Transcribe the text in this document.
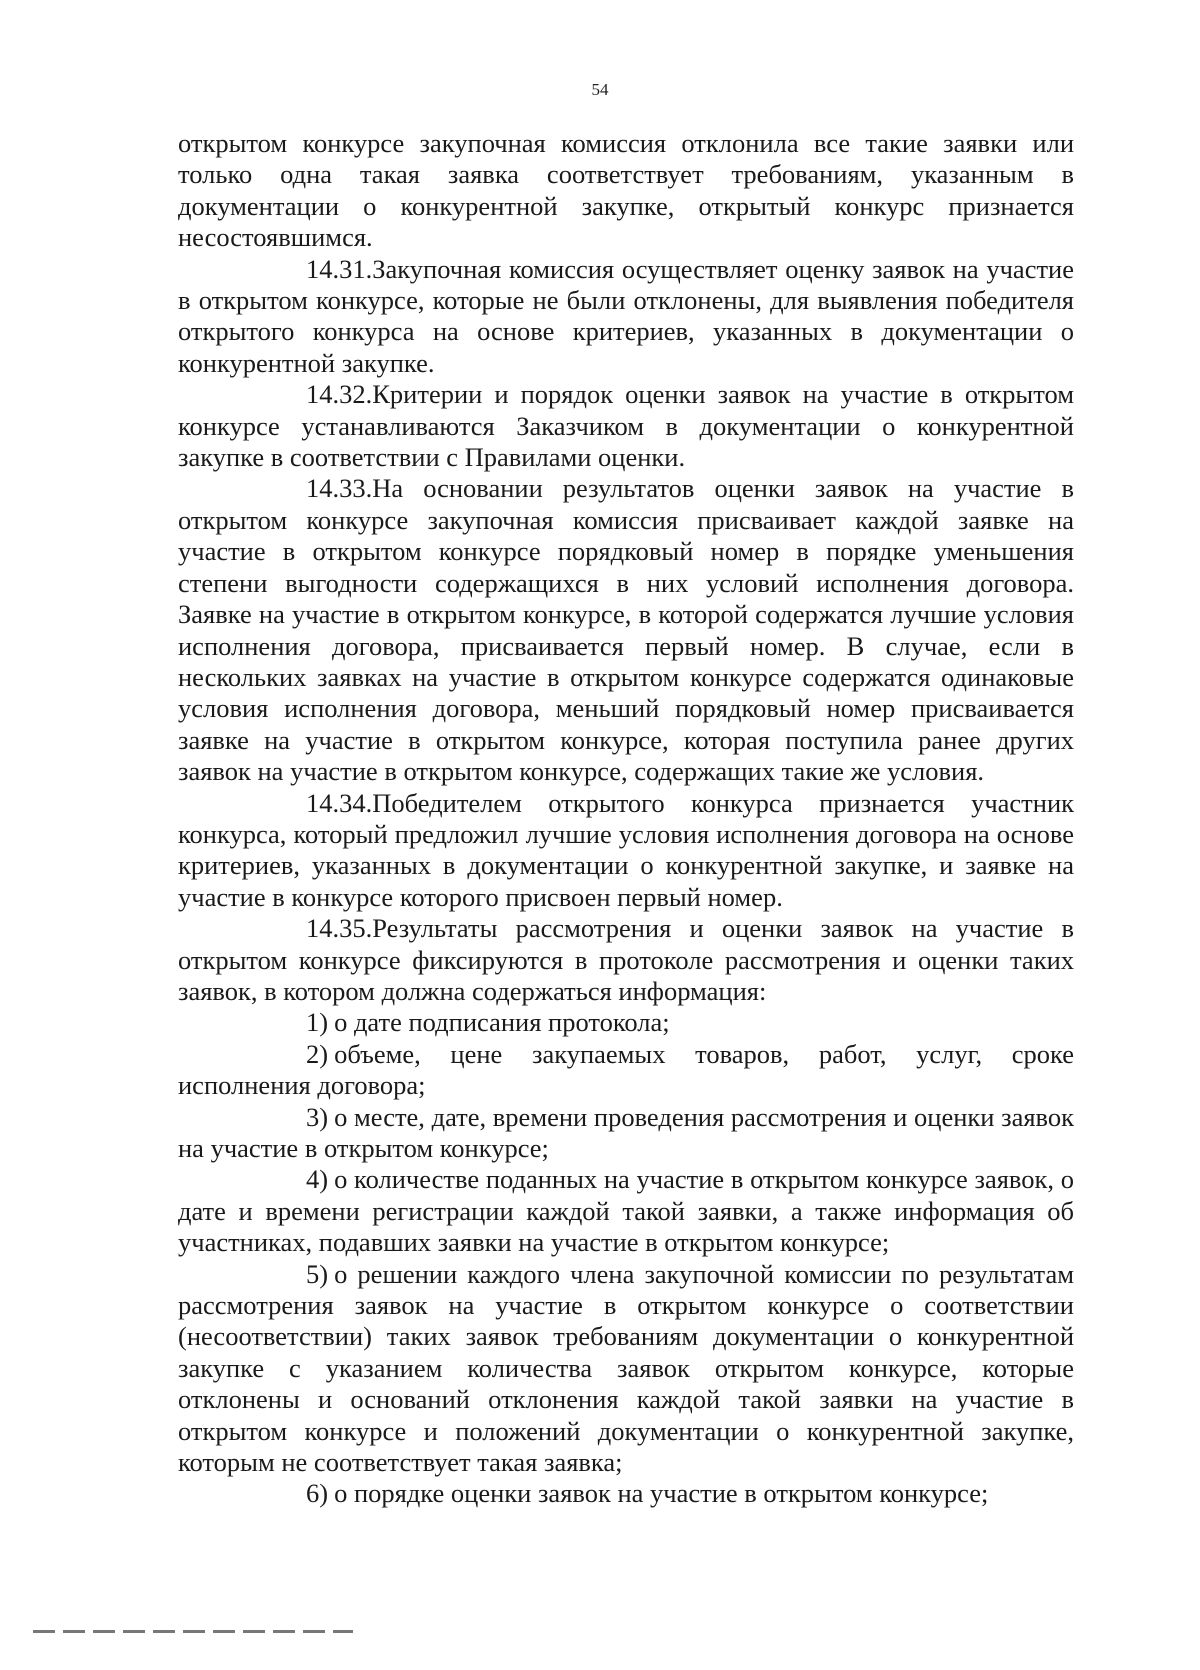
54

открытом конкурсе закупочная комиссия отклонила все такие заявки или только одна такая заявка соответствует требованиям, указанным в документации о конкурентной закупке, открытый конкурс признается несостоявшимся.

14.31.Закупочная комиссия осуществляет оценку заявок на участие в открытом конкурсе, которые не были отклонены, для выявления победителя открытого конкурса на основе критериев, указанных в документации о конкурентной закупке.

14.32.Критерии и порядок оценки заявок на участие в открытом конкурсе устанавливаются Заказчиком в документации о конкурентной закупке в соответствии с Правилами оценки.

14.33.На основании результатов оценки заявок на участие в открытом конкурсе закупочная комиссия присваивает каждой заявке на участие в открытом конкурсе порядковый номер в порядке уменьшения степени выгодности содержащихся в них условий исполнения договора. Заявке на участие в открытом конкурсе, в которой содержатся лучшие условия исполнения договора, присваивается первый номер. В случае, если в нескольких заявках на участие в открытом конкурсе содержатся одинаковые условия исполнения договора, меньший порядковый номер присваивается заявке на участие в открытом конкурсе, которая поступила ранее других заявок на участие в открытом конкурсе, содержащих такие же условия.

14.34.Победителем открытого конкурса признается участник конкурса, который предложил лучшие условия исполнения договора на основе критериев, указанных в документации о конкурентной закупке, и заявке на участие в конкурсе которого присвоен первый номер.

14.35.Результаты рассмотрения и оценки заявок на участие в открытом конкурсе фиксируются в протоколе рассмотрения и оценки таких заявок, в котором должна содержаться информация:

1) о дате подписания протокола;

2) объеме, цене закупаемых товаров, работ, услуг, сроке исполнения договора;

3) о месте, дате, времени проведения рассмотрения и оценки заявок на участие в открытом конкурсе;

4) о количестве поданных на участие в открытом конкурсе заявок, о дате и времени регистрации каждой такой заявки, а также информация об участниках, подавших заявки на участие в открытом конкурсе;

5) о решении каждого члена закупочной комиссии по результатам рассмотрения заявок на участие в открытом конкурсе о соответствии (несоответствии) таких заявок требованиям документации о конкурентной закупке с указанием количества заявок открытом конкурсе, которые отклонены и оснований отклонения каждой такой заявки на участие в открытом конкурсе и положений документации о конкурентной закупке, которым не соответствует такая заявка;

6) о порядке оценки заявок на участие в открытом конкурсе;
